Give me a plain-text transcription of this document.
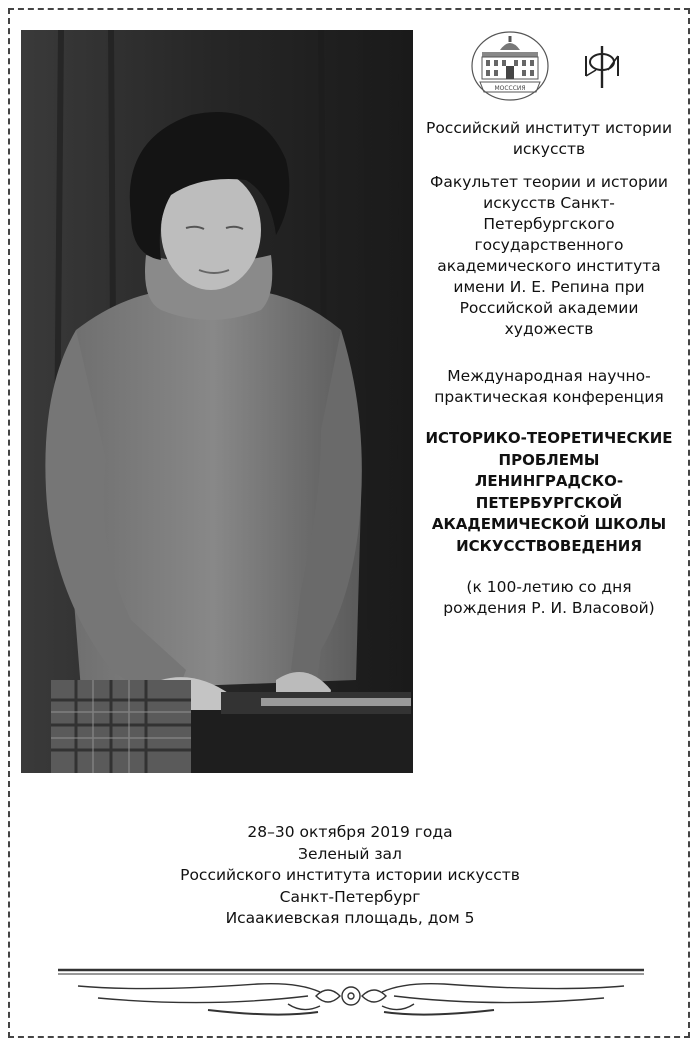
МОСССИЯ

Российский институт истории искусств

Факультет теории и истории искусств Санкт-Петербургского государственного академического института имени И. Е. Репина при Российской академии художеств

Международная научно-практическая конференция

ИСТОРИКО-ТЕОРЕТИЧЕСКИЕ ПРОБЛЕМЫ ЛЕНИНГРАДСКО-ПЕТЕРБУРГСКОЙ АКАДЕМИЧЕСКОЙ ШКОЛЫ ИСКУССТВОВЕДЕНИЯ

(к 100-летию со дня рождения Р. И. Власовой)

28–30 октября 2019 года

Зеленый зал

Российского института истории искусств

Санкт-Петербург

Исаакиевская площадь, дом 5
